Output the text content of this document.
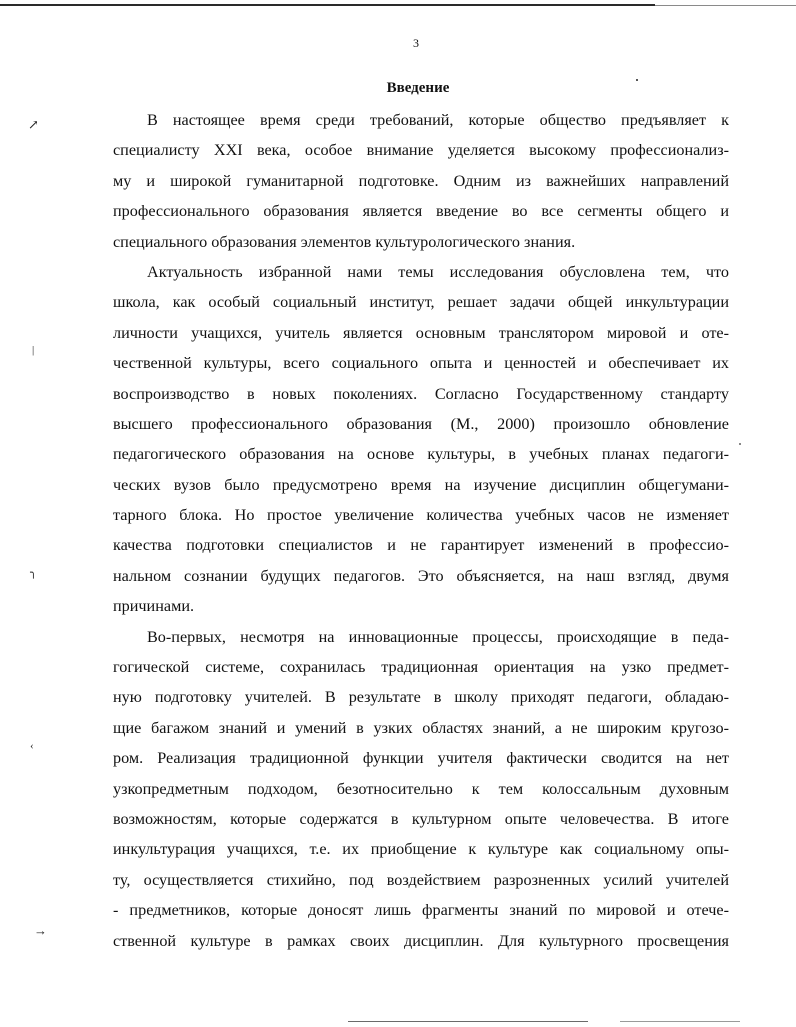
↗
|
╮
‹
→
3
Введение
В настоящее время среди требований, которые общество предъявляет к
специалисту XXI века, особое внимание уделяется высокому профессионализ-
му и широкой гуманитарной подготовке. Одним из важнейших направлений
профессионального образования является введение во все сегменты общего и
специального образования элементов культурологического знания.
Актуальность избранной нами темы исследования обусловлена тем, что
школа, как особый социальный институт, решает задачи общей инкультурации
личности учащихся, учитель является основным транслятором мировой и оте-
чественной культуры, всего социального опыта и ценностей и обеспечивает их
воспроизводство в новых поколениях. Согласно Государственному стандарту
высшего профессионального образования (М., 2000) произошло обновление
педагогического образования на основе культуры, в учебных планах педагоги-
ческих вузов было предусмотрено время на изучение дисциплин общегумани-
тарного блока. Но простое увеличение количества учебных часов не изменяет
качества подготовки специалистов и не гарантирует изменений в профессио-
нальном сознании будущих педагогов. Это объясняется, на наш взгляд, двумя
причинами.
Во-первых, несмотря на инновационные процессы, происходящие в педа-
гогической системе, сохранилась традиционная ориентация на узко предмет-
ную подготовку учителей. В результате в школу приходят педагоги, обладаю-
щие багажом знаний и умений в узких областях знаний, а не широким кругозо-
ром. Реализация традиционной функции учителя фактически сводится на нет
узкопредметным подходом, безотносительно к тем колоссальным духовным
возможностям, которые содержатся в культурном опыте человечества. В итоге
инкультурация учащихся, т.е. их приобщение к культуре как социальному опы-
ту, осуществляется стихийно, под воздействием разрозненных усилий учителей
- предметников, которые доносят лишь фрагменты знаний по мировой и отече-
ственной культуре в рамках своих дисциплин. Для культурного просвещения
